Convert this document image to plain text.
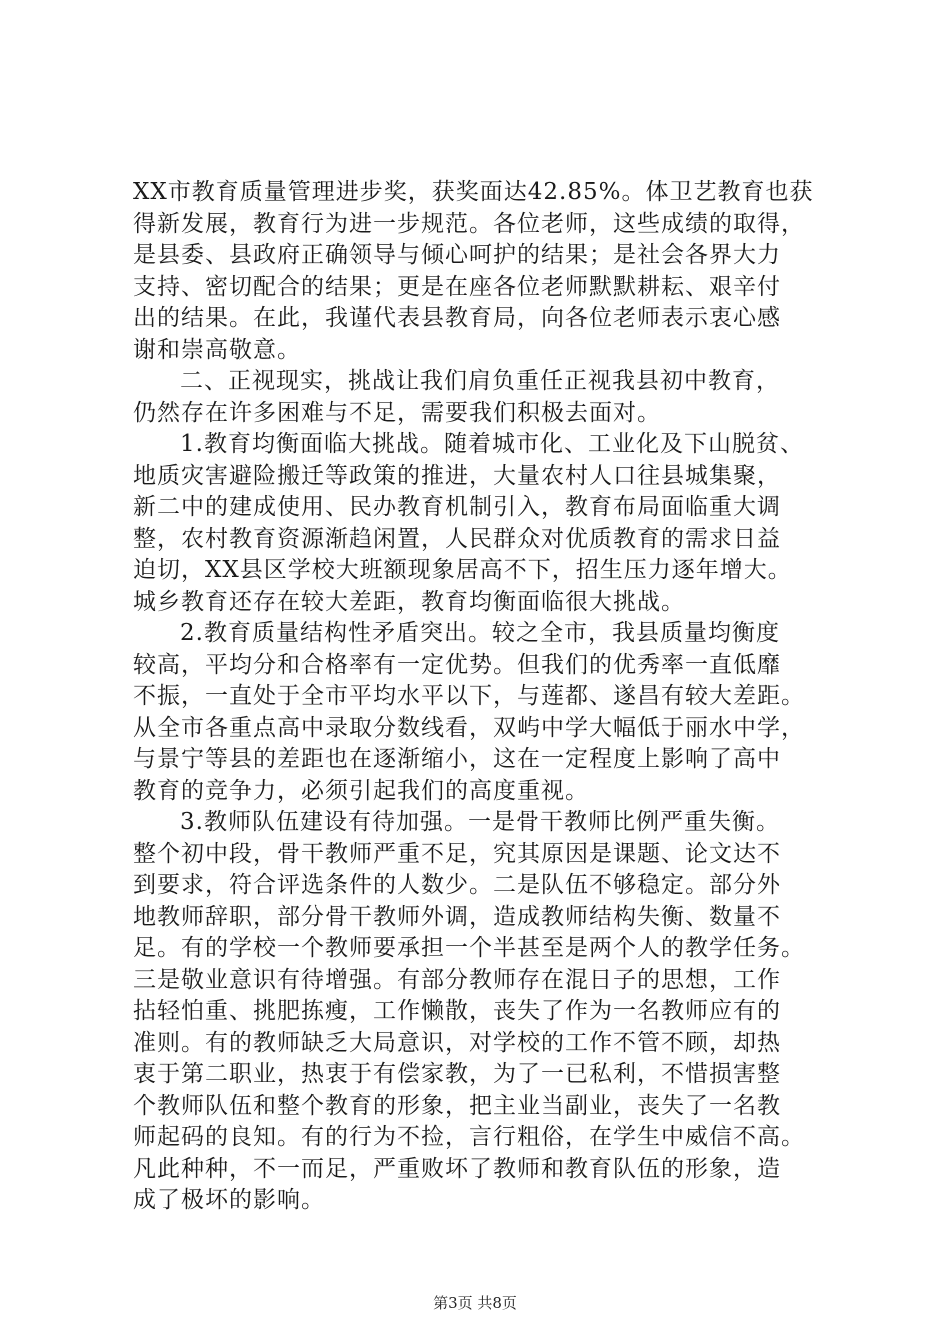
XX市教育质量管理进步奖，获奖面达42.85%。体卫艺教育也获
得新发展，教育行为进一步规范。各位老师，这些成绩的取得，
是县委、县政府正确领导与倾心呵护的结果；是社会各界大力
支持、密切配合的结果；更是在座各位老师默默耕耘、艰辛付
出的结果。在此，我谨代表县教育局，向各位老师表示衷心感
谢和崇高敬意。

二、正视现实，挑战让我们肩负重任正视我县初中教育，
仍然存在许多困难与不足，需要我们积极去面对。

1.教育均衡面临大挑战。随着城市化、工业化及下山脱贫、
地质灾害避险搬迁等政策的推进，大量农村人口往县城集聚，
新二中的建成使用、民办教育机制引入，教育布局面临重大调
整，农村教育资源渐趋闲置，人民群众对优质教育的需求日益
迫切，XX县区学校大班额现象居高不下，招生压力逐年增大。
城乡教育还存在较大差距，教育均衡面临很大挑战。

2.教育质量结构性矛盾突出。较之全市，我县质量均衡度
较高，平均分和合格率有一定优势。但我们的优秀率一直低靡
不振，一直处于全市平均水平以下，与莲都、遂昌有较大差距。
从全市各重点高中录取分数线看，双屿中学大幅低于丽水中学，
与景宁等县的差距也在逐渐缩小，这在一定程度上影响了高中
教育的竞争力，必须引起我们的高度重视。

3.教师队伍建设有待加强。一是骨干教师比例严重失衡。
整个初中段，骨干教师严重不足，究其原因是课题、论文达不
到要求，符合评选条件的人数少。二是队伍不够稳定。部分外
地教师辞职，部分骨干教师外调，造成教师结构失衡、数量不
足。有的学校一个教师要承担一个半甚至是两个人的教学任务。
三是敬业意识有待增强。有部分教师存在混日子的思想，工作
拈轻怕重、挑肥拣瘦，工作懒散，丧失了作为一名教师应有的
准则。有的教师缺乏大局意识，对学校的工作不管不顾，却热
衷于第二职业，热衷于有偿家教，为了一已私利，不惜损害整
个教师队伍和整个教育的形象，把主业当副业，丧失了一名教
师起码的良知。有的行为不捡，言行粗俗，在学生中威信不高。
凡此种种，不一而足，严重败坏了教师和教育队伍的形象，造
成了极坏的影响。

第3页 共8页
